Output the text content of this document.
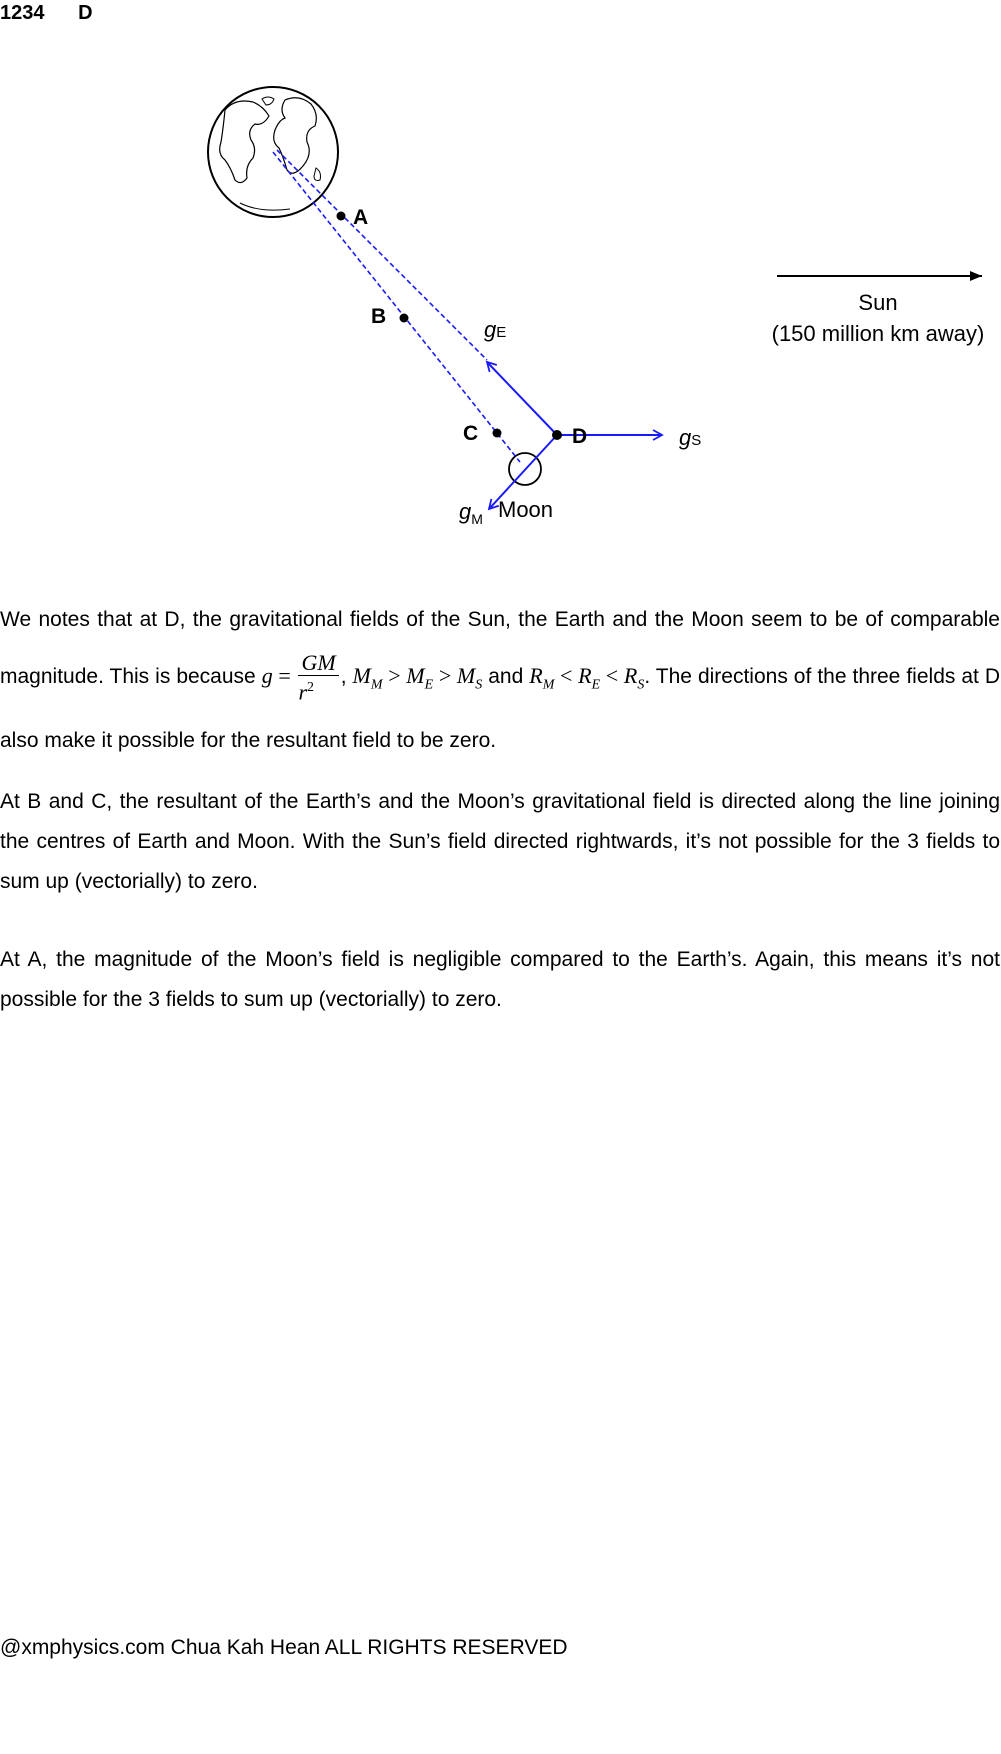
1234 D
A
B
C	D
gE
gS
$g_M$ Moon
Sun
(150 million km away)
We notes that at D, the gravitational fields of the Sun, the Earth and the Moon seem to be of comparable magnitude. This is because $g = \frac{GM}{r^2}$ , $M_M > M_E > M_S$ and $R_M < R_E < R_S$. The directions of the three fields at D also make it possible for the resultant field to be zero.
At B and C, the resultant of the Earth’s and the Moon’s gravitational field is directed along the line joining the centres of Earth and Moon. With the Sun’s field directed rightwards, it’s not possible for the 3 fields to sum up (vectorially) to zero.
At A, the magnitude of the Moon’s field is negligible compared to the Earth’s. Again, this means it’s not possible for the 3 fields to sum up (vectorially) to zero.
@xmphysics.com Chua Kah Hean ALL RIGHTS RESERVED
